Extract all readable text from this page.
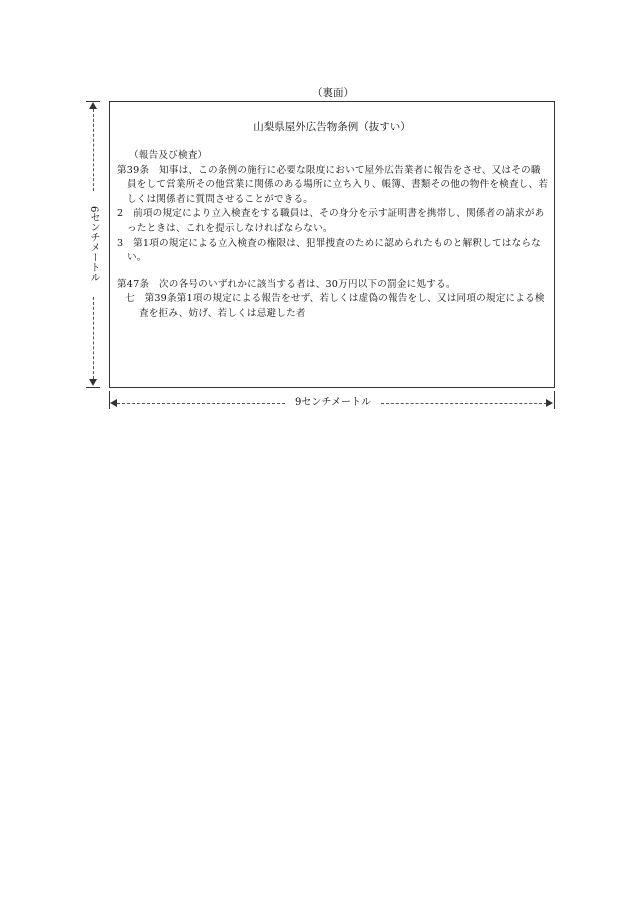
（裏面）
6センチメートル
山梨県屋外広告物条例（抜すい）

（報告及び検査）

第39条　知事は、この条例の施行に必要な限度において屋外広告業者に報告をさせ、又はその職員をして営業所その他営業に関係のある場所に立ち入り、帳簿、書類その他の物件を検査し、若しくは関係者に質問させることができる。

2　前項の規定により立入検査をする職員は、その身分を示す証明書を携帯し、関係者の請求があったときは、これを提示しなければならない。

3　第1項の規定による立入検査の権限は、犯罪捜査のために認められたものと解釈してはならない。

第47条　次の各号のいずれかに該当する者は、30万円以下の罰金に処する。

七　第39条第1項の規定による報告をせず、若しくは虚偽の報告をし、又は同項の規定による検査を拒み、妨げ、若しくは忌避した者

9センチメートル
